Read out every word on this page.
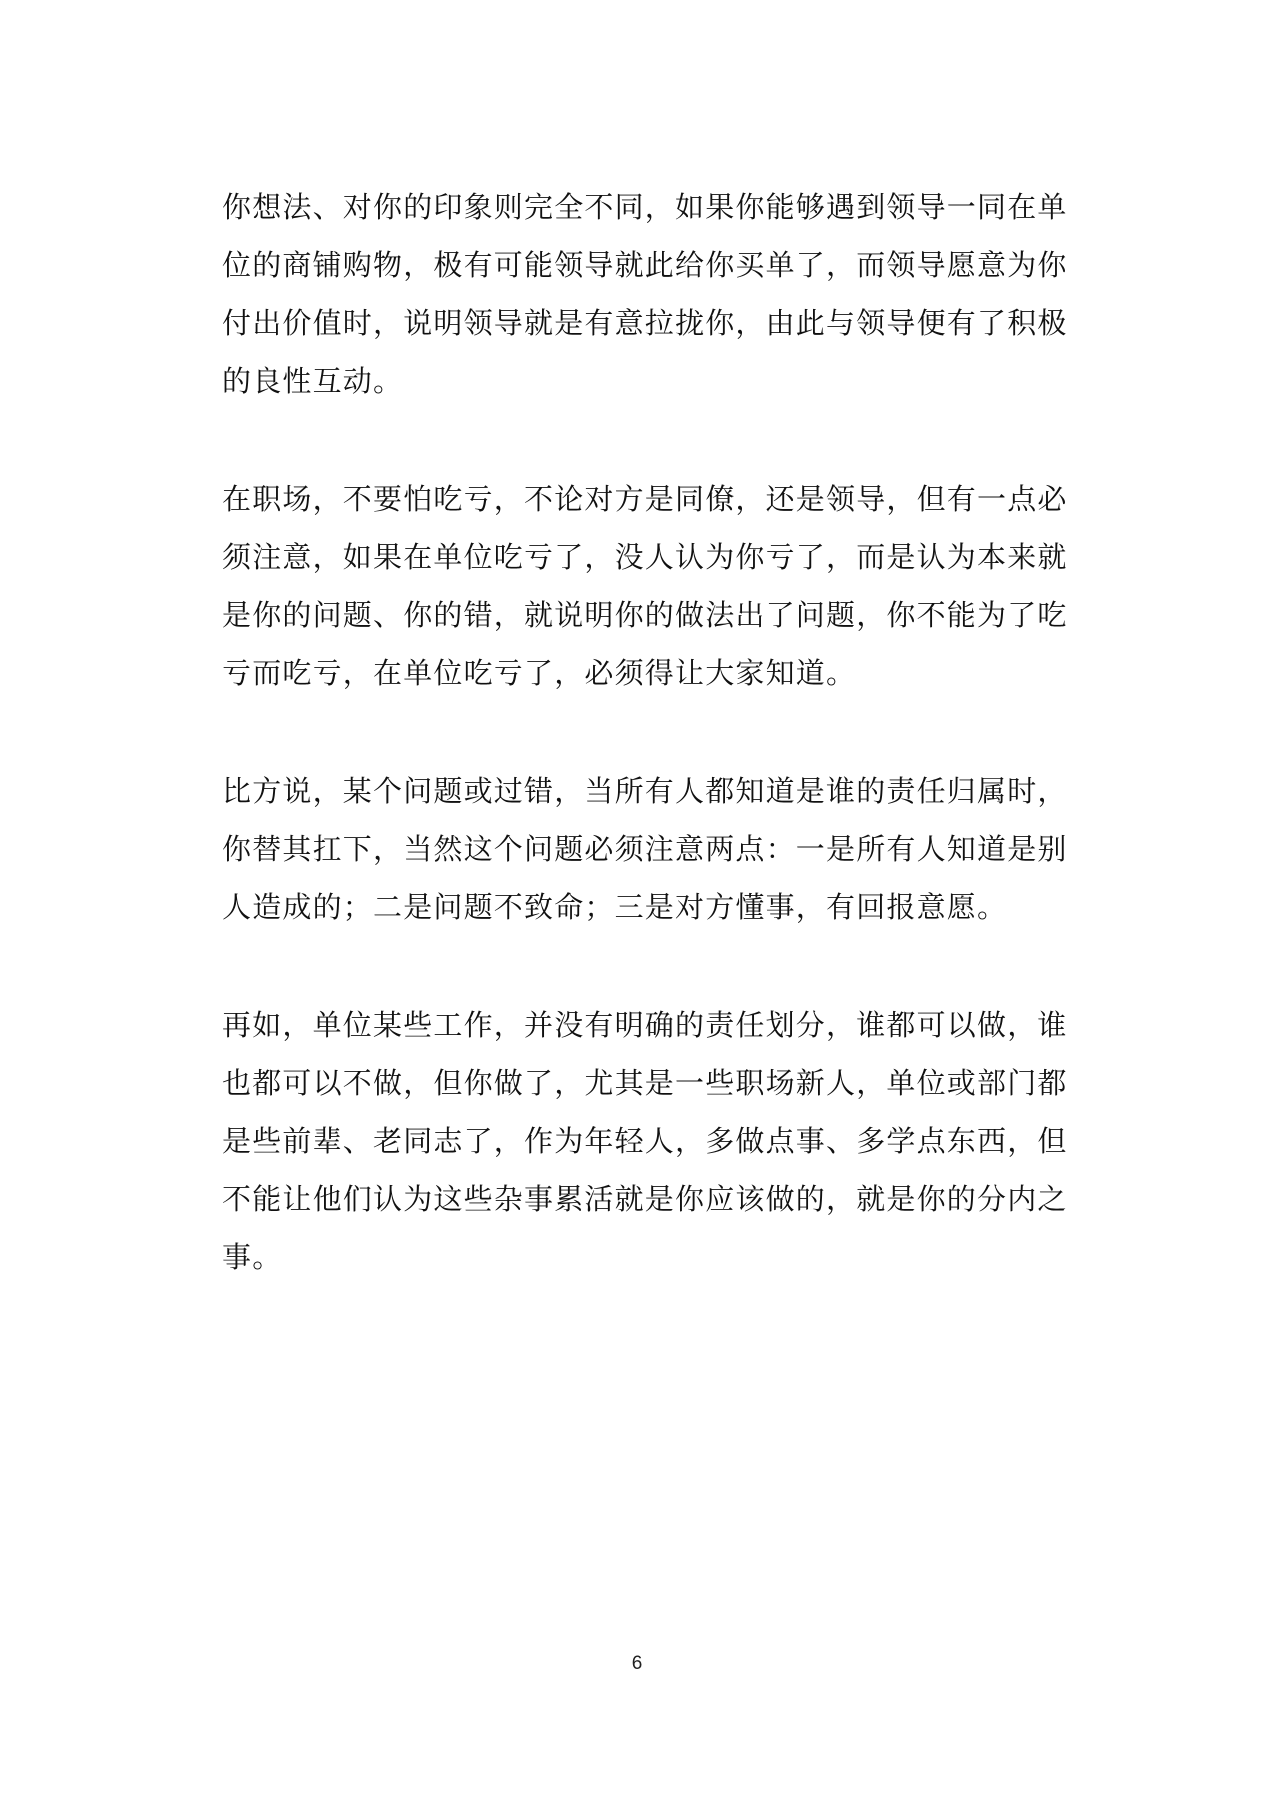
你想法、对你的印象则完全不同，如果你能够遇到领导一同在单
位的商铺购物，极有可能领导就此给你买单了，而领导愿意为你
付出价值时，说明领导就是有意拉拢你，由此与领导便有了积极
的良性互动。

在职场，不要怕吃亏，不论对方是同僚，还是领导，但有一点必
须注意，如果在单位吃亏了，没人认为你亏了，而是认为本来就
是你的问题、你的错，就说明你的做法出了问题，你不能为了吃
亏而吃亏，在单位吃亏了，必须得让大家知道。

比方说，某个问题或过错，当所有人都知道是谁的责任归属时，
你替其扛下，当然这个问题必须注意两点：一是所有人知道是别
人造成的；二是问题不致命；三是对方懂事，有回报意愿。

再如，单位某些工作，并没有明确的责任划分，谁都可以做，谁
也都可以不做，但你做了，尤其是一些职场新人，单位或部门都
是些前辈、老同志了，作为年轻人，多做点事、多学点东西，但
不能让他们认为这些杂事累活就是你应该做的，就是你的分内之
事。

6
